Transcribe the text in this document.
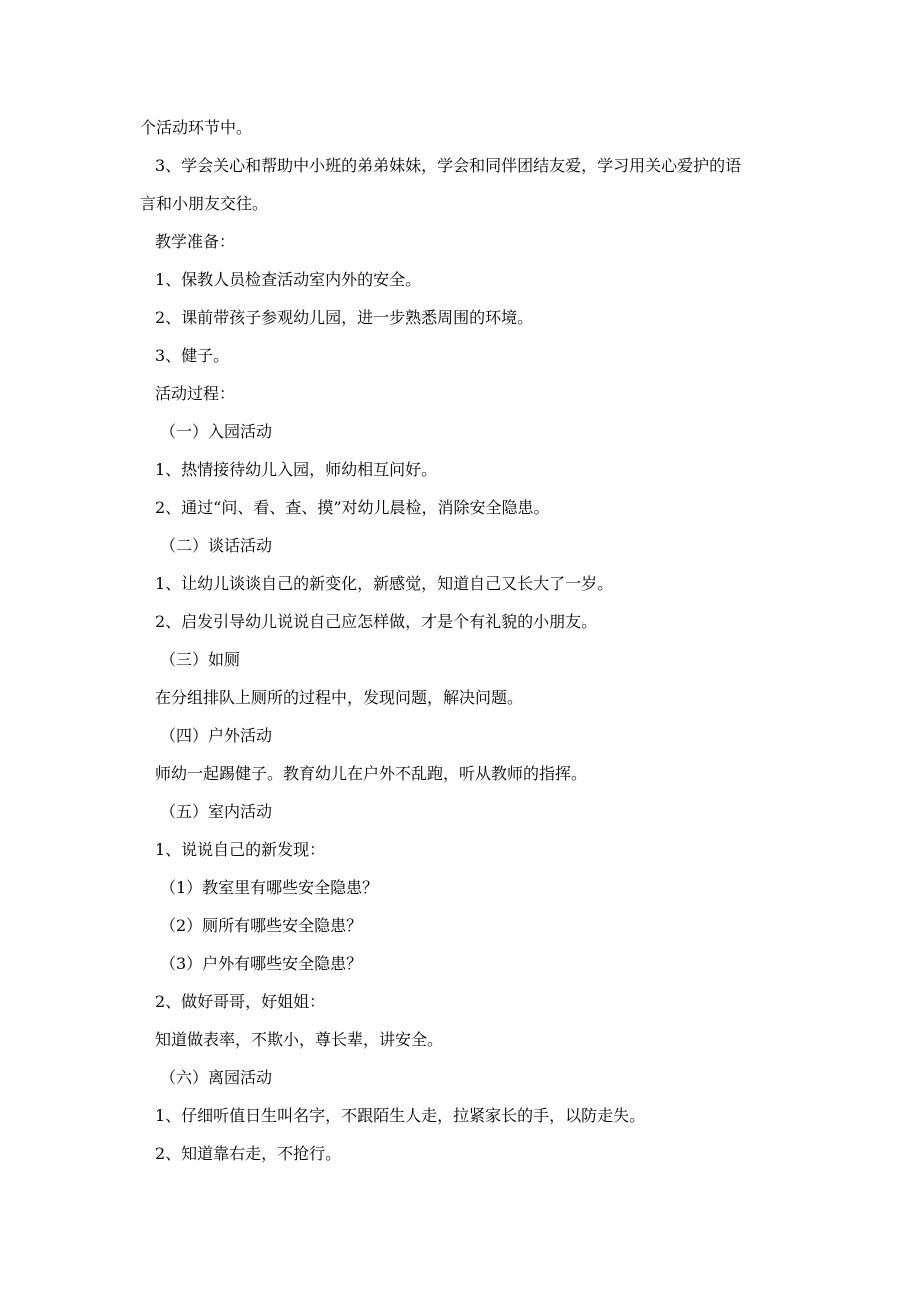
个活动环节中。
3、学会关心和帮助中小班的弟弟妹妹，学会和同伴团结友爱，学习用关心爱护的语
言和小朋友交往。
教学准备：
1、保教人员检查活动室内外的安全。
2、课前带孩子参观幼儿园，进一步熟悉周围的环境。
3、健子。
活动过程：
（一）入园活动
1、热情接待幼儿入园，师幼相互问好。
2、通过“问、看、查、摸”对幼儿晨检，消除安全隐患。
（二）谈话活动
1、让幼儿谈谈自己的新变化，新感觉，知道自己又长大了一岁。
2、启发引导幼儿说说自己应怎样做，才是个有礼貌的小朋友。
（三）如厕
在分组排队上厕所的过程中，发现问题，解决问题。
（四）户外活动
师幼一起踢健子。教育幼儿在户外不乱跑，听从教师的指挥。
（五）室内活动
1、说说自己的新发现：
（1）教室里有哪些安全隐患？
（2）厕所有哪些安全隐患？
（3）户外有哪些安全隐患？
2、做好哥哥，好姐姐：
知道做表率，不欺小，尊长辈，讲安全。
（六）离园活动
1、仔细听值日生叫名字，不跟陌生人走，拉紧家长的手，以防走失。
2、知道靠右走，不抢行。
